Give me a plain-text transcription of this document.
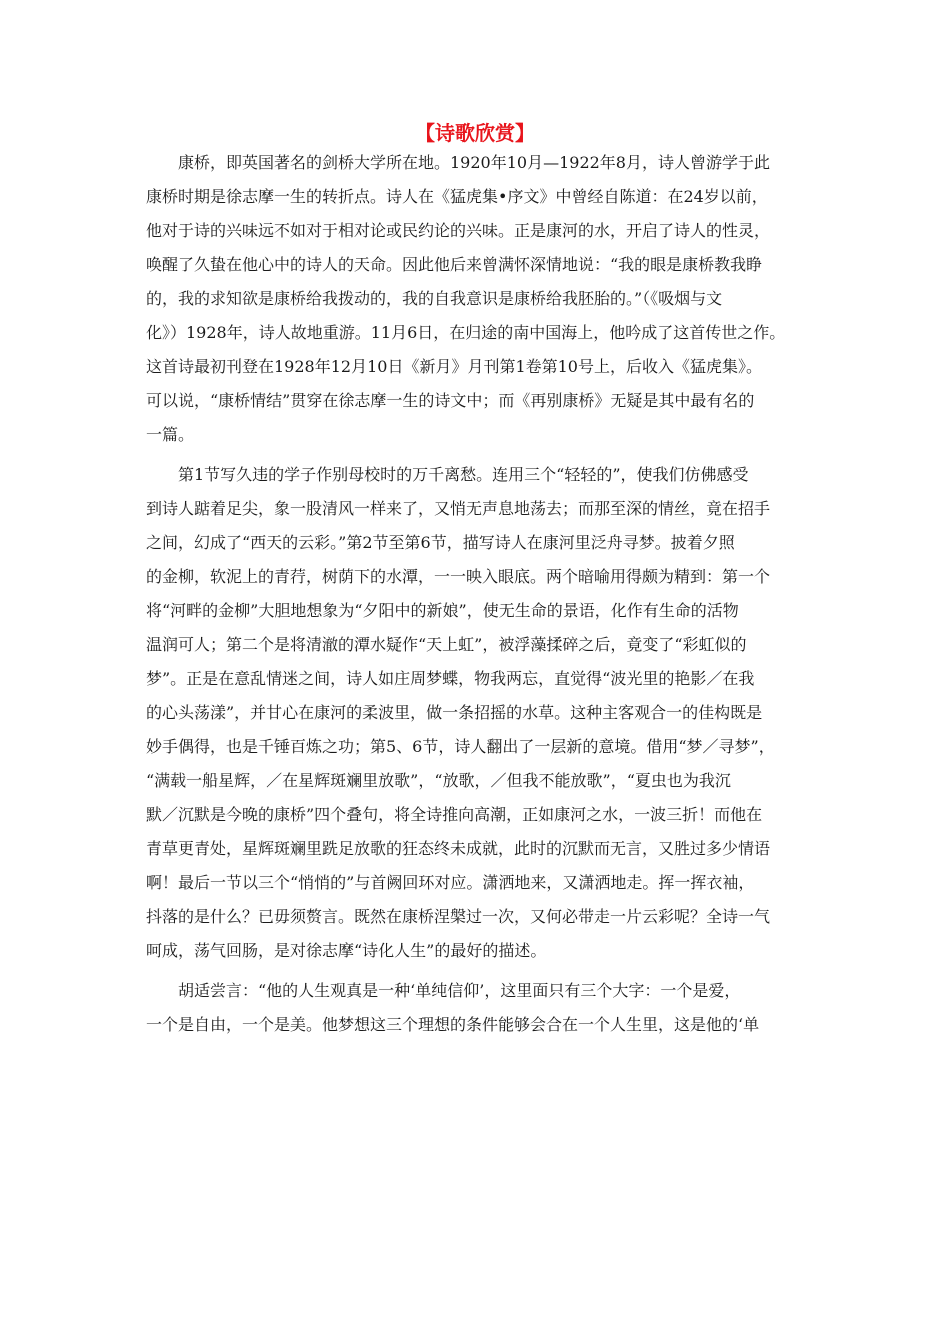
【诗歌欣赏】
　　康桥，即英国著名的剑桥大学所在地。1920年10月—1922年8月，诗人曾游学于此
康桥时期是徐志摩一生的转折点。诗人在《猛虎集•序文》中曾经自陈道：在24岁以前，
他对于诗的兴味远不如对于相对论或民约论的兴味。正是康河的水，开启了诗人的性灵，
唤醒了久蛰在他心中的诗人的天命。因此他后来曾满怀深情地说：“我的眼是康桥教我睁
的，我的求知欲是康桥给我拨动的，我的自我意识是康桥给我胚胎的。”（《吸烟与文
化》）1928年，诗人故地重游。11月6日，在归途的南中国海上，他吟成了这首传世之作。
这首诗最初刊登在1928年12月10日《新月》月刊第1卷第10号上，后收入《猛虎集》。
可以说，“康桥情结”贯穿在徐志摩一生的诗文中；而《再别康桥》无疑是其中最有名的
一篇。
　　第1节写久违的学子作别母校时的万千离愁。连用三个“轻轻的”，使我们仿佛感受
到诗人踮着足尖，象一股清风一样来了，又悄无声息地荡去；而那至深的情丝，竟在招手
之间，幻成了“西天的云彩。”第2节至第6节，描写诗人在康河里泛舟寻梦。披着夕照
的金柳，软泥上的青荇，树荫下的水潭，一一映入眼底。两个暗喻用得颇为精到：第一个
将“河畔的金柳”大胆地想象为“夕阳中的新娘”，使无生命的景语，化作有生命的活物
温润可人；第二个是将清澈的潭水疑作“天上虹”，被浮藻揉碎之后，竟变了“彩虹似的
梦”。正是在意乱情迷之间，诗人如庄周梦蝶，物我两忘，直觉得“波光里的艳影／在我
的心头荡漾”，并甘心在康河的柔波里，做一条招摇的水草。这种主客观合一的佳构既是
妙手偶得，也是千锤百炼之功；第5、6节，诗人翻出了一层新的意境。借用“梦／寻梦”，
“满载一船星辉，／在星辉斑斓里放歌”，“放歌，／但我不能放歌”，“夏虫也为我沉
默／沉默是今晚的康桥”四个叠句，将全诗推向高潮，正如康河之水，一波三折！而他在
青草更青处，星辉斑斓里跣足放歌的狂态终未成就，此时的沉默而无言，又胜过多少情语
啊！最后一节以三个“悄悄的”与首阙回环对应。潇洒地来，又潇洒地走。挥一挥衣袖，
抖落的是什么？已毋须赘言。既然在康桥涅槃过一次，又何必带走一片云彩呢？全诗一气
呵成，荡气回肠，是对徐志摩“诗化人生”的最好的描述。
　　胡适尝言：“他的人生观真是一种‘单纯信仰’，这里面只有三个大字：一个是爱，
一个是自由，一个是美。他梦想这三个理想的条件能够会合在一个人生里，这是他的‘单
